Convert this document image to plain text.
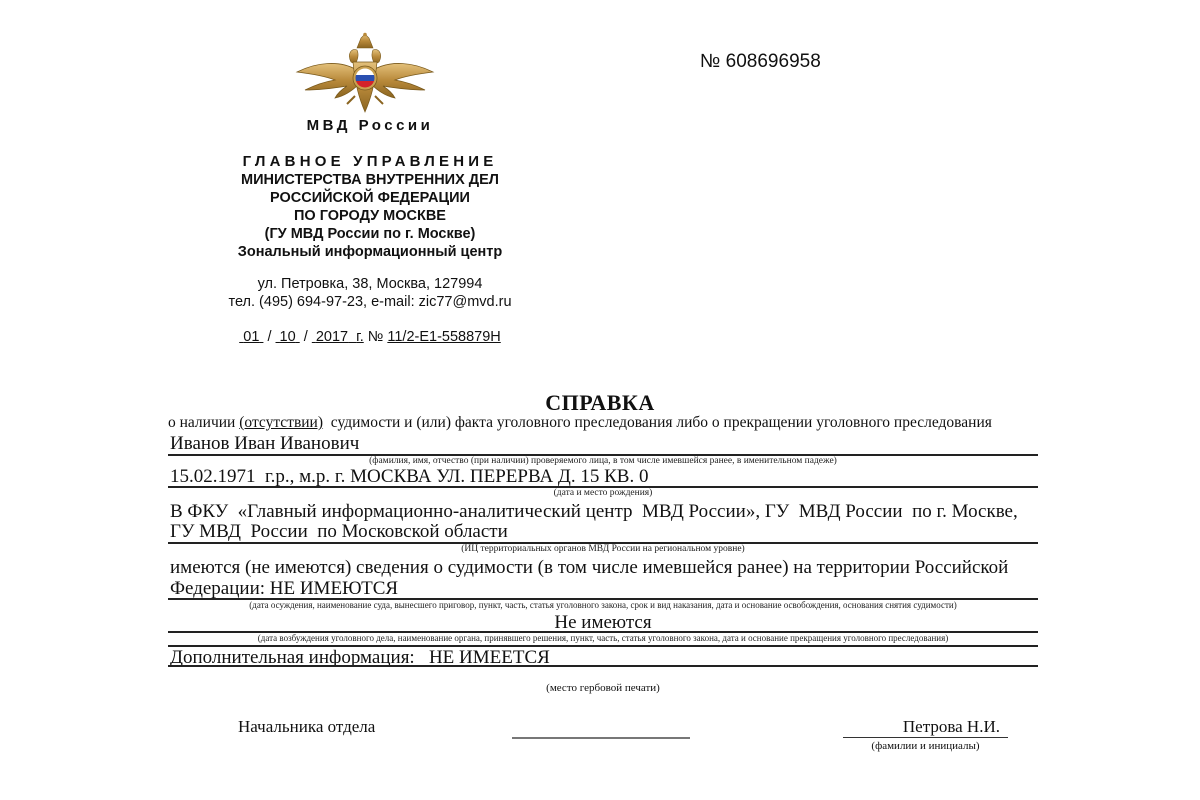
МВД России
ГЛАВНОЕ УПРАВЛЕНИЕ
МИНИСТЕРСТВА ВНУТРЕННИХ ДЕЛ
РОССИЙСКОЙ ФЕДЕРАЦИИ
ПО ГОРОДУ МОСКВЕ
(ГУ МВД России по г. Москве)
Зональный информационный центр
ул. Петровка, 38, Москва, 127994
тел. (495) 694-97-23, e-mail: zic77@mvd.ru
01 / 10 / 2017 г. № 11/2-Е1-558879Н
№ 608696958
СПРАВКА
о наличии (отсутствии)  судимости и (или) факта уголовного преследования либо о прекращении уголовного преследования
Иванов Иван Иванович
(фамилия, имя, отчество (при наличии) проверяемого лица, в том числе имевшейся ранее, в именительном падеже)
15.02.1971  г.р., м.р. г. МОСКВА УЛ. ПЕРЕРВА Д. 15 КВ. 0
(дата и место рождения)
В ФКУ  «Главный информационно-аналитический центр  МВД России», ГУ  МВД России  по г. Москве,
ГУ МВД  России  по Московской области
(ИЦ территориальных органов МВД России на региональном уровне)
имеются (не имеются) сведения о судимости (в том числе имевшейся ранее) на территории Российской
Федерации: НЕ ИМЕЮТСЯ
(дата осуждения, наименование суда, вынесшего приговор, пункт, часть, статья уголовного закона, срок и вид наказания, дата и основание освобождения, основания снятия судимости)
Не имеются
(дата возбуждения уголовного дела, наименование органа, принявшего решения, пункт, часть, статья уголовного закона, дата и основание прекращения уголовного преследования)
Дополнительная информация:   НЕ ИМЕЕТСЯ
(место гербовой печати)
Начальника отдела	Петрова Н.И.
(фамилии и инициалы)
